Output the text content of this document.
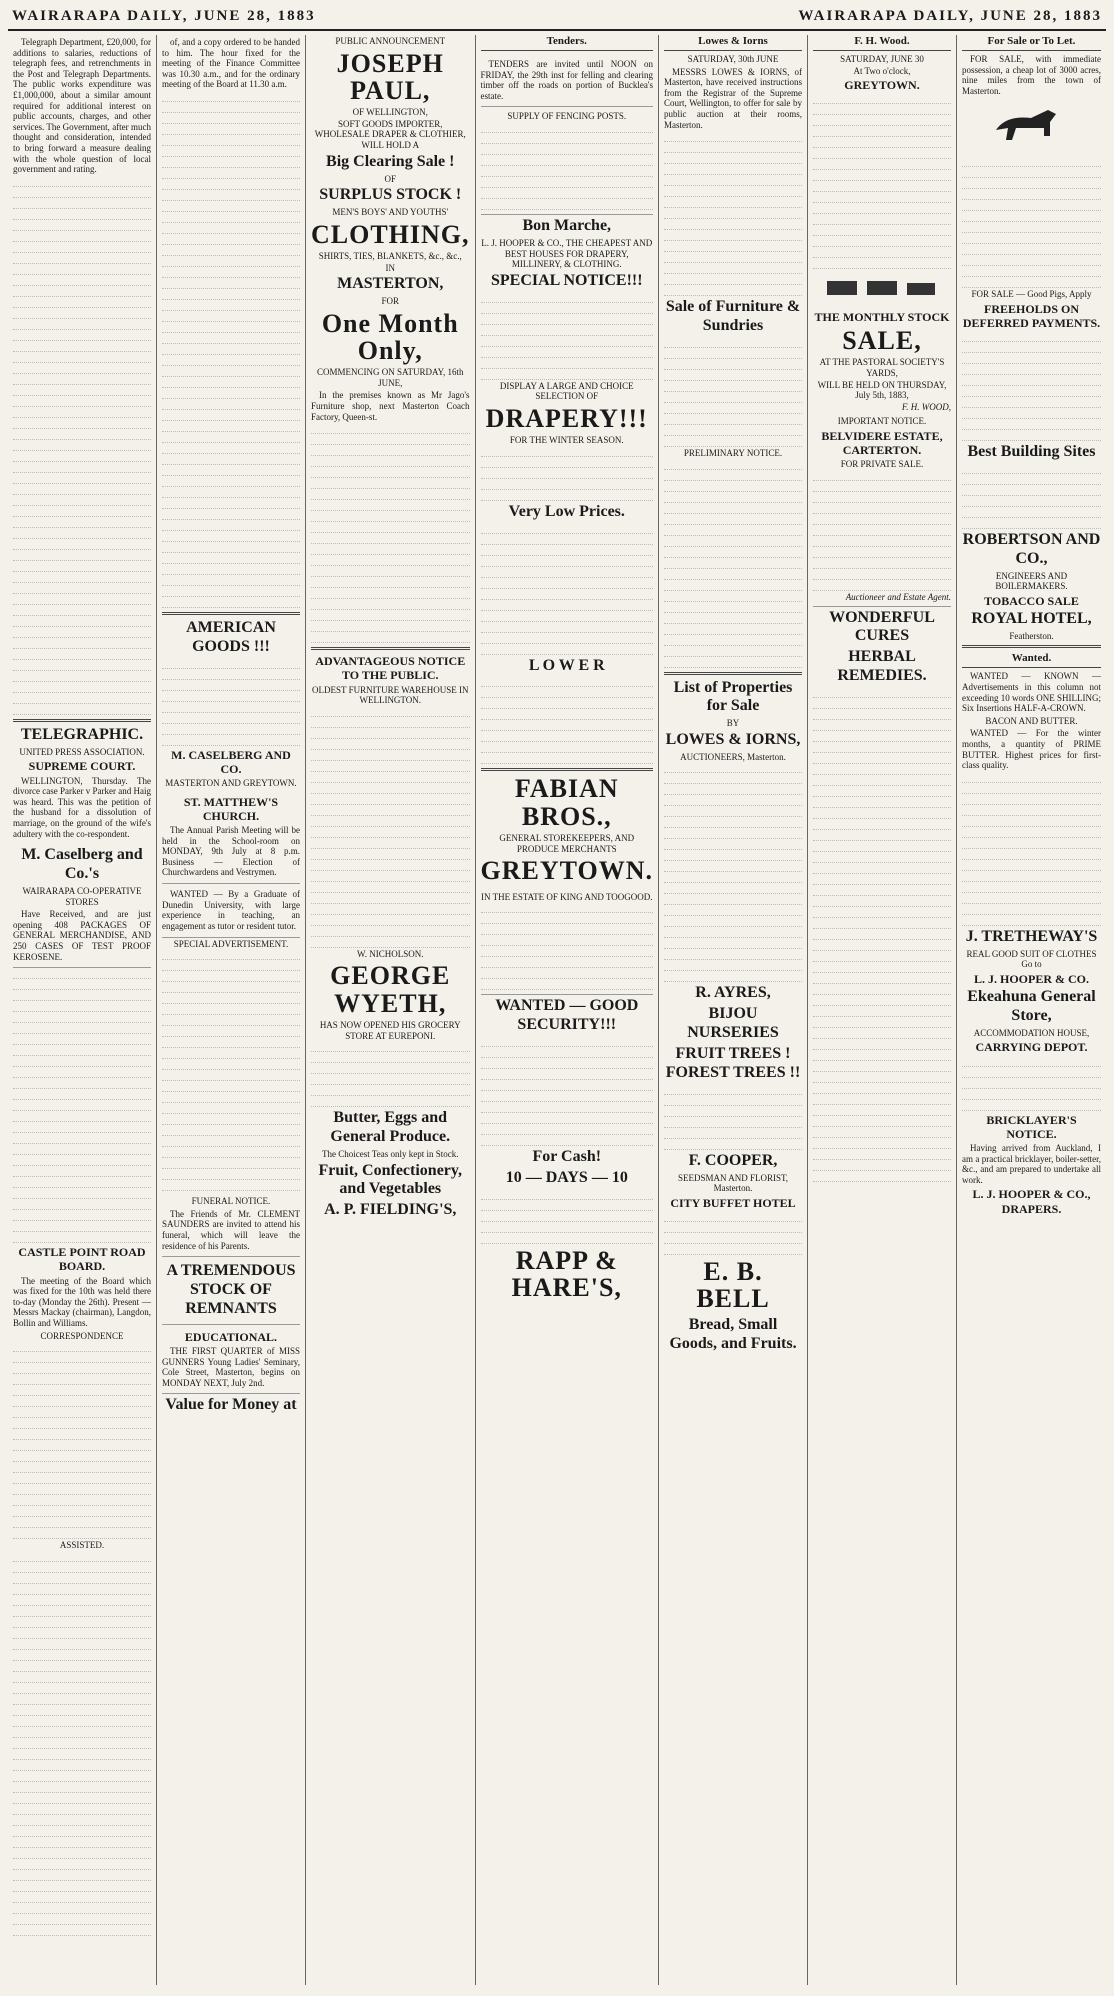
WAIRARAPA DAILY, JUNE 28, 1883	WAIRARAPA DAILY, JUNE 28, 1883
Telegraph Department, £20,000, for additions to salaries, reductions of telegraph fees, and retrenchments in the Post and Telegraph Departments. The public works expenditure was £1,000,000, about a similar amount required for additional interest on public accounts, charges, and other services. The Government, after much thought and consideration, intended to bring forward a measure dealing with the whole question of local government and rating.
TELEGRAPHIC.
UNITED PRESS ASSOCIATION.
SUPREME COURT.
WELLINGTON, Thursday. The divorce case Parker v Parker and Haig was heard. This was the petition of the husband for a dissolution of marriage, on the ground of the wife's adultery with the co-respondent.
M. Caselberg and Co.'s
WAIRARAPA CO-OPERATIVE STORES
Have Received, and are just opening 408 PACKAGES OF GENERAL MERCHANDISE, AND 250 CASES OF TEST PROOF KEROSENE.
CASTLE POINT ROAD BOARD.
The meeting of the Board which was fixed for the 10th was held there to-day (Monday the 26th). Present — Messrs Mackay (chairman), Langdon, Bollin and Williams.
CORRESPONDENCE
ASSISTED.
of, and a copy ordered to be handed to him. The hour fixed for the meeting of the Finance Committee was 10.30 a.m., and for the ordinary meeting of the Board at 11.30 a.m.
AMERICAN GOODS !!!
M. CASELBERG AND CO.
MASTERTON AND GREYTOWN.
ST. MATTHEW'S CHURCH.
The Annual Parish Meeting will be held in the School-room on MONDAY, 9th July at 8 p.m. Business — Election of Churchwardens and Vestrymen.
WANTED — By a Graduate of Dunedin University, with large experience in teaching, an engagement as tutor or resident tutor.
SPECIAL ADVERTISEMENT.
FUNERAL NOTICE.
The Friends of Mr. CLEMENT SAUNDERS are invited to attend his funeral, which will leave the residence of his Parents.
A TREMENDOUS STOCK OF REMNANTS
EDUCATIONAL.
THE FIRST QUARTER of MISS GUNNERS Young Ladies' Seminary, Cole Street, Masterton, begins on MONDAY NEXT, July 2nd.
Value for Money at
PUBLIC ANNOUNCEMENT
JOSEPH PAUL,
OF WELLINGTON,
SOFT GOODS IMPORTER, WHOLESALE DRAPER & CLOTHIER, WILL HOLD A
Big Clearing Sale !
OF
SURPLUS STOCK !
MEN'S BOYS' AND YOUTHS'
CLOTHING,
SHIRTS, TIES, BLANKETS, &c., &c.,
IN
MASTERTON,
FOR
One Month Only,
COMMENCING ON SATURDAY, 16th JUNE,
In the premises known as Mr Jago's Furniture shop, next Masterton Coach Factory, Queen-st.
ADVANTAGEOUS NOTICE TO THE PUBLIC.
OLDEST FURNITURE WAREHOUSE IN WELLINGTON.
W. NICHOLSON.
GEORGE WYETH,
HAS NOW OPENED HIS GROCERY STORE AT EUREPONI.
Butter, Eggs and General Produce.
The Choicest Teas only kept in Stock.
Fruit, Confectionery, and Vegetables
A. P. FIELDING'S,
Tenders.
TENDERS are invited until NOON on FRIDAY, the 29th inst for felling and clearing timber off the roads on portion of Bucklea's estate.
SUPPLY OF FENCING POSTS.
Bon Marche,
L. J. HOOPER & CO., THE CHEAPEST AND BEST HOUSES FOR DRAPERY, MILLINERY, & CLOTHING.
SPECIAL NOTICE!!!
DISPLAY A LARGE AND CHOICE SELECTION OF
DRAPERY!!!
FOR THE WINTER SEASON.
Very Low Prices.
L O W E R
FABIAN BROS.,
GENERAL STOREKEEPERS, AND PRODUCE MERCHANTS
GREYTOWN.
IN THE ESTATE OF KING AND TOOGOOD.
WANTED — GOOD SECURITY!!!
For Cash!
10 — DAYS — 10
RAPP & HARE'S,
Lowes & Iorns
SATURDAY, 30th JUNE
MESSRS LOWES & IORNS, of Masterton, have received instructions from the Registrar of the Supreme Court, Wellington, to offer for sale by public auction at their rooms, Masterton.
Sale of Furniture & Sundries
PRELIMINARY NOTICE.
List of Properties for Sale
BY
LOWES & IORNS,
AUCTIONEERS, Masterton.
R. AYRES,
BIJOU NURSERIES
FRUIT TREES ! FOREST TREES !!
F. COOPER,
SEEDSMAN AND FLORIST, Masterton.
CITY BUFFET HOTEL
E. B. BELL
Bread, Small Goods, and Fruits.
F. H. Wood.
SATURDAY, JUNE 30
At Two o'clock,
GREYTOWN.
THE MONTHLY STOCK
SALE,
AT THE PASTORAL SOCIETY'S YARDS,
WILL BE HELD ON THURSDAY, July 5th, 1883,
F. H. WOOD,
IMPORTANT NOTICE.
BELVIDERE ESTATE, CARTERTON.
FOR PRIVATE SALE.
Auctioneer and Estate Agent.
WONDERFUL CURES
HERBAL REMEDIES.
For Sale or To Let.
FOR SALE, with immediate possession, a cheap lot of 3000 acres, nine miles from the town of Masterton.
FOR SALE — Good Pigs, Apply
FREEHOLDS ON DEFERRED PAYMENTS.
Best Building Sites
ROBERTSON AND CO.,
ENGINEERS AND BOILERMAKERS.
TOBACCO SALE
ROYAL HOTEL,
Featherston.
Wanted.
WANTED — KNOWN — Advertisements in this column not exceeding 10 words ONE SHILLING; Six Insertions HALF-A-CROWN.
BACON AND BUTTER.
WANTED — For the winter months, a quantity of PRIME BUTTER. Highest prices for first-class quality.
J. TRETHEWAY'S
REAL GOOD SUIT OF CLOTHES Go to
L. J. HOOPER & CO.
Ekeahuna General Store,
ACCOMMODATION HOUSE,
CARRYING DEPOT.
BRICKLAYER'S NOTICE.
Having arrived from Auckland, I am a practical bricklayer, boiler-setter, &c., and am prepared to undertake all work.
L. J. HOOPER & CO., DRAPERS.
